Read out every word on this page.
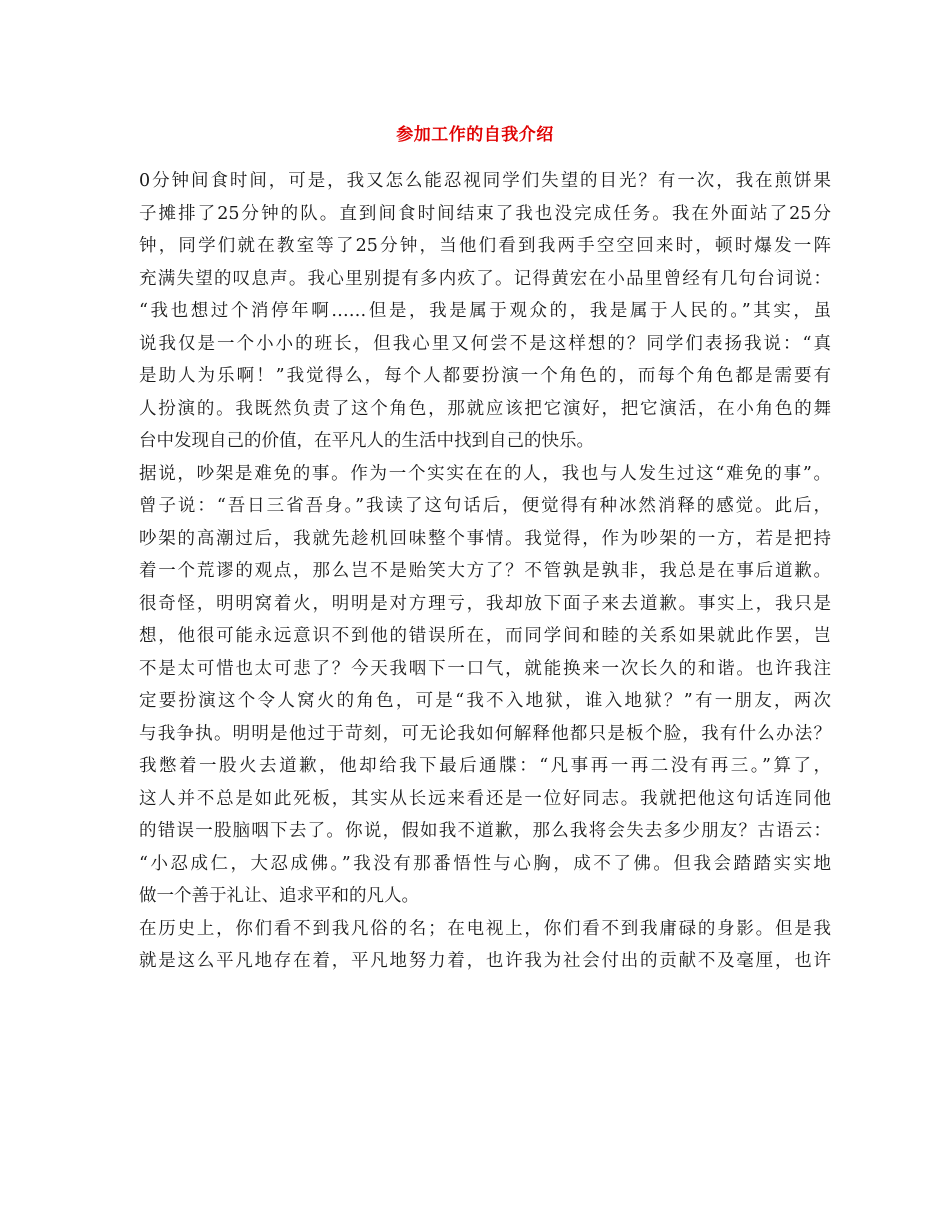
参加工作的自我介绍
0分钟间食时间，可是，我又怎么能忍视同学们失望的目光？有一次，我在煎饼果
子摊排了25分钟的队。直到间食时间结束了我也没完成任务。我在外面站了25分
钟，同学们就在教室等了25分钟，当他们看到我两手空空回来时，顿时爆发一阵
充满失望的叹息声。我心里别提有多内疚了。记得黄宏在小品里曾经有几句台词说：
“我也想过个消停年啊……但是，我是属于观众的，我是属于人民的。”其实，虽
说我仅是一个小小的班长，但我心里又何尝不是这样想的？同学们表扬我说：“真
是助人为乐啊！”我觉得么，每个人都要扮演一个角色的，而每个角色都是需要有
人扮演的。我既然负责了这个角色，那就应该把它演好，把它演活，在小角色的舞
台中发现自己的价值，在平凡人的生活中找到自己的快乐。
据说，吵架是难免的事。作为一个实实在在的人，我也与人发生过这“难免的事”。
曾子说：“吾日三省吾身。”我读了这句话后，便觉得有种冰然消释的感觉。此后，
吵架的高潮过后，我就先趁机回味整个事情。我觉得，作为吵架的一方，若是把持
着一个荒谬的观点，那么岂不是贻笑大方了？不管孰是孰非，我总是在事后道歉。
很奇怪，明明窝着火，明明是对方理亏，我却放下面子来去道歉。事实上，我只是
想，他很可能永远意识不到他的错误所在，而同学间和睦的关系如果就此作罢，岂
不是太可惜也太可悲了？今天我咽下一口气，就能换来一次长久的和谐。也许我注
定要扮演这个令人窝火的角色，可是“我不入地狱，谁入地狱？”有一朋友，两次
与我争执。明明是他过于苛刻，可无论我如何解释他都只是板个脸，我有什么办法？
我憋着一股火去道歉，他却给我下最后通牒：“凡事再一再二没有再三。”算了，
这人并不总是如此死板，其实从长远来看还是一位好同志。我就把他这句话连同他
的错误一股脑咽下去了。你说，假如我不道歉，那么我将会失去多少朋友？古语云：
“小忍成仁，大忍成佛。”我没有那番悟性与心胸，成不了佛。但我会踏踏实实地
做一个善于礼让、追求平和的凡人。
在历史上，你们看不到我凡俗的名；在电视上，你们看不到我庸碌的身影。但是我
就是这么平凡地存在着，平凡地努力着，也许我为社会付出的贡献不及毫厘，也许
